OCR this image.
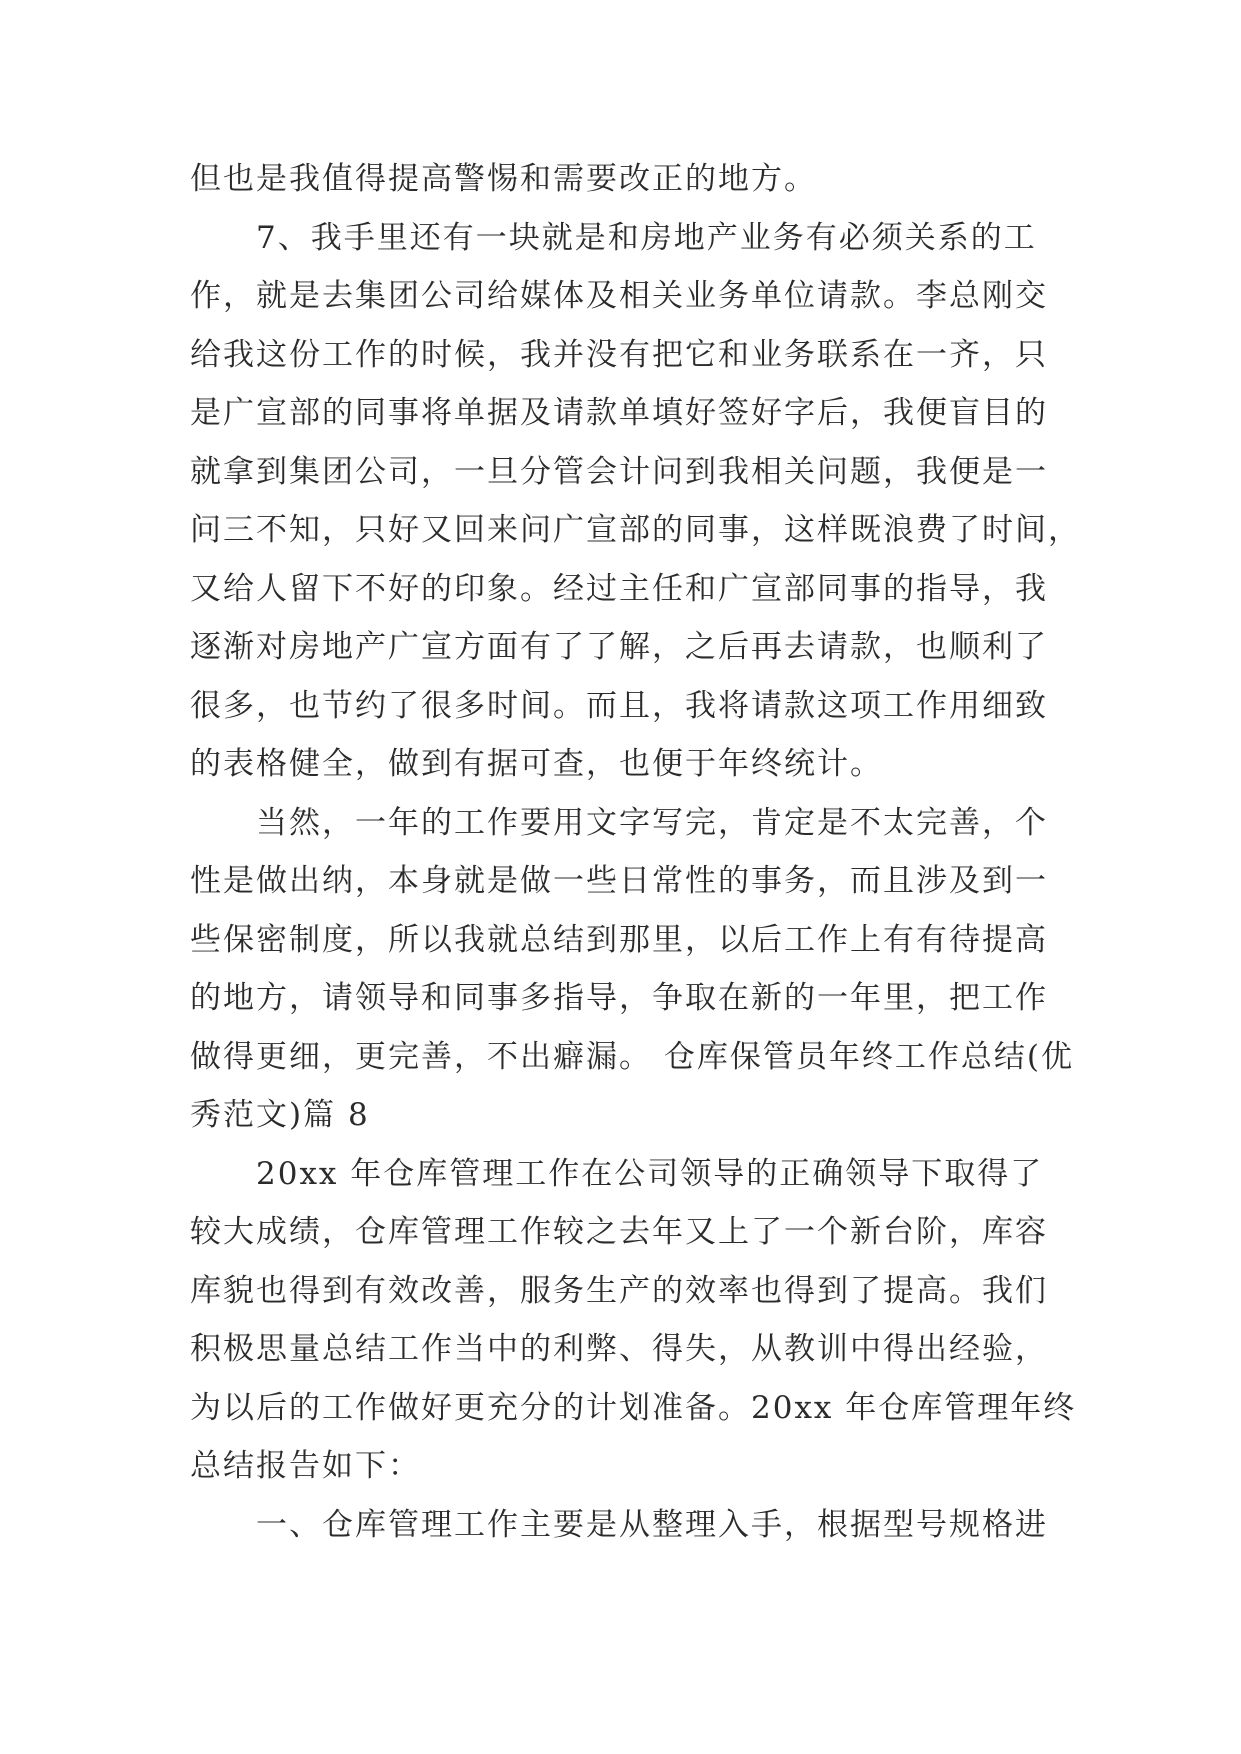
但也是我值得提高警惕和需要改正的地方。
　　7、我手里还有一块就是和房地产业务有必须关系的工
作，就是去集团公司给媒体及相关业务单位请款。李总刚交
给我这份工作的时候，我并没有把它和业务联系在一齐，只
是广宣部的同事将单据及请款单填好签好字后，我便盲目的
就拿到集团公司，一旦分管会计问到我相关问题，我便是一
问三不知，只好又回来问广宣部的同事，这样既浪费了时间，
又给人留下不好的印象。经过主任和广宣部同事的指导，我
逐渐对房地产广宣方面有了了解，之后再去请款，也顺利了
很多，也节约了很多时间。而且，我将请款这项工作用细致
的表格健全，做到有据可查，也便于年终统计。
　　当然，一年的工作要用文字写完，肯定是不太完善，个
性是做出纳，本身就是做一些日常性的事务，而且涉及到一
些保密制度，所以我就总结到那里，以后工作上有有待提高
的地方，请领导和同事多指导，争取在新的一年里，把工作
做得更细，更完善，不出癖漏。 仓库保管员年终工作总结(优
秀范文)篇 8
　　20xx 年仓库管理工作在公司领导的正确领导下取得了
较大成绩，仓库管理工作较之去年又上了一个新台阶，库容
库貌也得到有效改善，服务生产的效率也得到了提高。我们
积极思量总结工作当中的利弊、得失，从教训中得出经验，
为以后的工作做好更充分的计划准备。20xx 年仓库管理年终
总结报告如下：
　　一、仓库管理工作主要是从整理入手，根据型号规格进
